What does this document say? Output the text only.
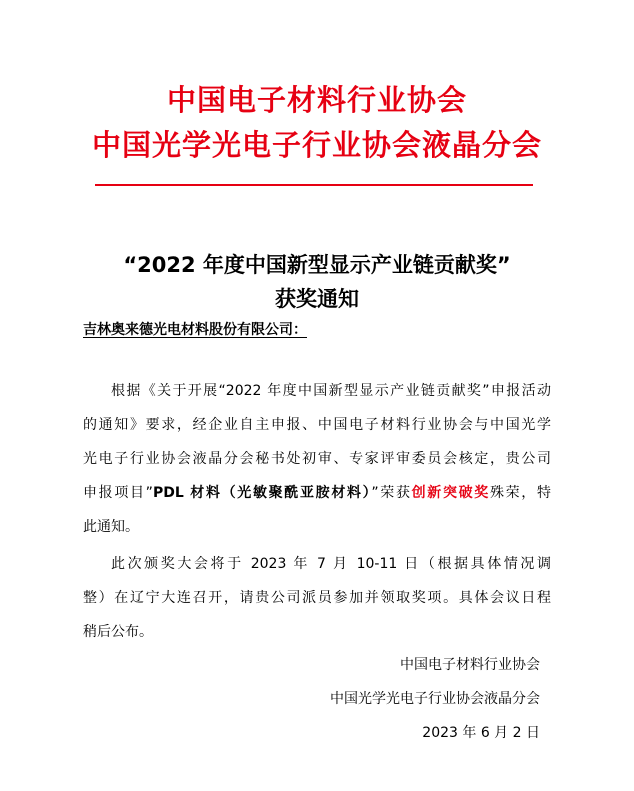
中国电子材料行业协会
中国光学光电子行业协会液晶分会
“2022 年度中国新型显示产业链贡献奖”
获奖通知
吉林奥来德光电材料股份有限公司：
根据《关于开展“2022 年度中国新型显示产业链贡献奖”申报活动
的通知》要求，经企业自主申报、中国电子材料行业协会与中国光学
光电子行业协会液晶分会秘书处初审、专家评审委员会核定，贵公司
申报项目”PDL 材料（光敏聚酰亚胺材料）”荣获创新突破奖殊荣，特
此通知。
此次颁奖大会将于 2023 年 7 月 10-11 日（根据具体情况调
整）在辽宁大连召开，请贵公司派员参加并领取奖项。具体会议日程
稍后公布。
中国电子材料行业协会
中国光学光电子行业协会液晶分会
2023 年 6 月 2 日
